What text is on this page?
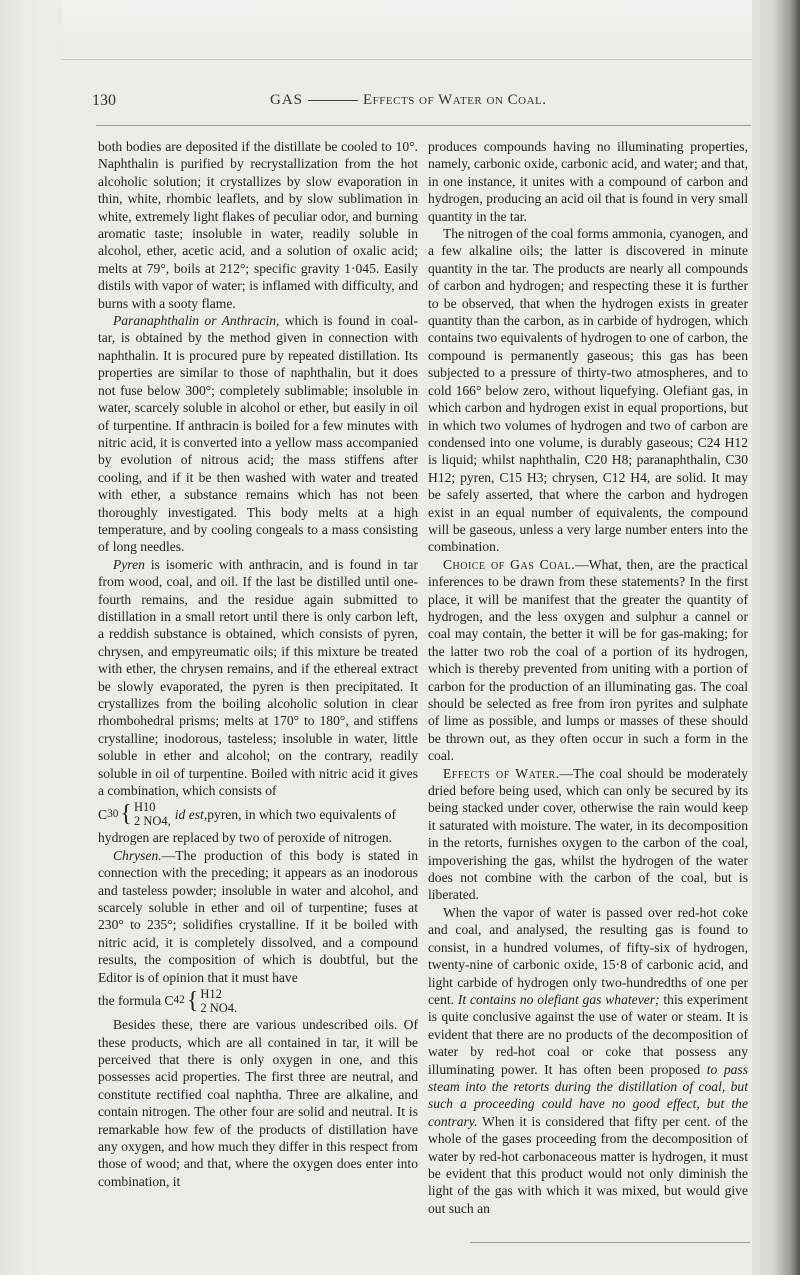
130	GAS	Effects of Water on Coal.

both bodies are deposited if the distillate be cooled to 10°. Naphthalin is purified by recrystallization from the hot alcoholic solution; it crystallizes by slow evaporation in thin, white, rhombic leaflets, and by slow sublimation in white, extremely light flakes of peculiar odor, and burning aromatic taste; insoluble in water, readily soluble in alcohol, ether, acetic acid, and a solution of oxalic acid; melts at 79°, boils at 212°; specific gravity 1·045. Easily distils with vapor of water; is inflamed with difficulty, and burns with a sooty flame.

Paranaphthalin or Anthracin, which is found in coal-tar, is obtained by the method given in connection with naphthalin. It is procured pure by repeated distillation. Its properties are similar to those of naphthalin, but it does not fuse below 300°; completely sublimable; insoluble in water, scarcely soluble in alcohol or ether, but easily in oil of turpentine. If anthracin is boiled for a few minutes with nitric acid, it is converted into a yellow mass accompanied by evolution of nitrous acid; the mass stiffens after cooling, and if it be then washed with water and treated with ether, a substance remains which has not been thoroughly investigated. This body melts at a high temperature, and by cooling congeals to a mass consisting of long needles.

Pyren is isomeric with anthracin, and is found in tar from wood, coal, and oil. If the last be distilled until one-fourth remains, and the residue again submitted to distillation in a small retort until there is only carbon left, a reddish substance is obtained, which consists of pyren, chrysen, and empyreumatic oils; if this mixture be treated with ether, the chrysen remains, and if the ethereal extract be slowly evaporated, the pyren is then precipitated. It crystallizes from the boiling alcoholic solution in clear rhombohedral prisms; melts at 170° to 180°, and stiffens crystalline; inodorous, tasteless; insoluble in water, little soluble in ether and alcohol; on the contrary, readily soluble in oil of turpentine. Boiled with nitric acid it gives a combination, which consists of

C 30 { H10
2 NO4, id est, pyren, in which two equivalents of

hydrogen are replaced by two of peroxide of nitrogen.

Chrysen.—The production of this body is stated in connection with the preceding; it appears as an inodorous and tasteless powder; insoluble in water and alcohol, and scarcely soluble in ether and oil of turpentine; fuses at 230° to 235°; solidifies crystalline. If it be boiled with nitric acid, it is completely dissolved, and a compound results, the composition of which is doubtful, but the Editor is of opinion that it must have

the formula C 42 { H12
2 NO4.

Besides these, there are various undescribed oils. Of these products, which are all contained in tar, it will be perceived that there is only oxygen in one, and this possesses acid properties. The first three are neutral, and constitute rectified coal naphtha. Three are alkaline, and contain nitrogen. The other four are solid and neutral. It is remarkable how few of the products of distillation have any oxygen, and how much they differ in this respect from those of wood; and that, where the oxygen does enter into combination, it

produces compounds having no illuminating properties, namely, carbonic oxide, carbonic acid, and water; and that, in one instance, it unites with a compound of carbon and hydrogen, producing an acid oil that is found in very small quantity in the tar.

The nitrogen of the coal forms ammonia, cyanogen, and a few alkaline oils; the latter is discovered in minute quantity in the tar. The products are nearly all compounds of carbon and hydrogen; and respecting these it is further to be observed, that when the hydrogen exists in greater quantity than the carbon, as in carbide of hydrogen, which contains two equivalents of hydrogen to one of carbon, the compound is permanently gaseous; this gas has been subjected to a pressure of thirty-two atmospheres, and to cold 166° below zero, without liquefying. Olefiant gas, in which carbon and hydrogen exist in equal proportions, but in which two volumes of hydrogen and two of carbon are condensed into one volume, is durably gaseous; C24 H12 is liquid; whilst naphthalin, C20 H8; paranaphthalin, C30 H12; pyren, C15 H3; chrysen, C12 H4, are solid. It may be safely asserted, that where the carbon and hydrogen exist in an equal number of equivalents, the compound will be gaseous, unless a very large number enters into the combination.

Choice of Gas Coal.—What, then, are the practical inferences to be drawn from these statements? In the first place, it will be manifest that the greater the quantity of hydrogen, and the less oxygen and sulphur a cannel or coal may contain, the better it will be for gas-making; for the latter two rob the coal of a portion of its hydrogen, which is thereby prevented from uniting with a portion of carbon for the production of an illuminating gas. The coal should be selected as free from iron pyrites and sulphate of lime as possible, and lumps or masses of these should be thrown out, as they often occur in such a form in the coal.

Effects of Water.—The coal should be moderately dried before being used, which can only be secured by its being stacked under cover, otherwise the rain would keep it saturated with moisture. The water, in its decomposition in the retorts, furnishes oxygen to the carbon of the coal, impoverishing the gas, whilst the hydrogen of the water does not combine with the carbon of the coal, but is liberated.

When the vapor of water is passed over red-hot coke and coal, and analysed, the resulting gas is found to consist, in a hundred volumes, of fifty-six of hydrogen, twenty-nine of carbonic oxide, 15·8 of carbonic acid, and light carbide of hydrogen only two-hundredths of one per cent. It contains no olefiant gas whatever; this experiment is quite conclusive against the use of water or steam. It is evident that there are no products of the decomposition of water by red-hot coal or coke that possess any illuminating power. It has often been proposed to pass steam into the retorts during the distillation of coal, but such a proceeding could have no good effect, but the contrary. When it is considered that fifty per cent. of the whole of the gases proceeding from the decomposition of water by red-hot carbonaceous matter is hydrogen, it must be evident that this product would not only diminish the light of the gas with which it was mixed, but would give out such an
